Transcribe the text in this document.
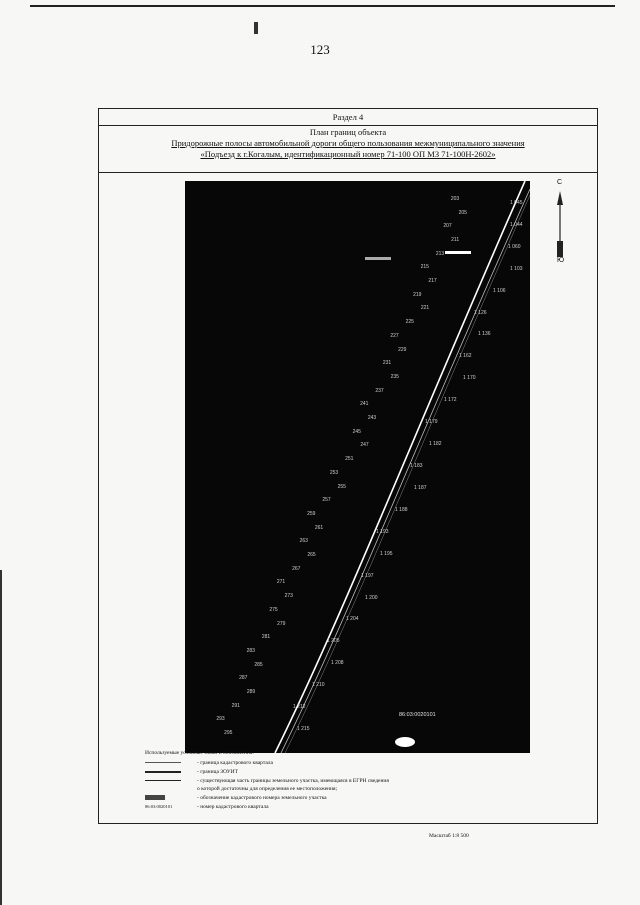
123
Раздел 4
План границ объекта
Придорожные полосы автомобильной дороги общего пользования межмуниципального значения
«Подъезд к г.Когалым, идентификационный номер 71-100 ОП МЗ 71-100Н-2602»
203
205
207
211
213
215
217
219
221
225
227
229
231
235
237
241
243
245
247
251
253
255
257
259
261
263
265
267
271
273
275
279
281
283
285
287
289
291
293
295
1 045
1 044
1 060
1 103
1 106
1 126
1 136
1 162
1 170
1 172
1 179
1 182
1 183
1 187
1 188
1 193
1 195
1 197
1 200
1 204
1 205
1 208
1 210
1 212
1 215
86:03:0020101
С
Ю
Используемые условные знаки и обозначения:
- граница кадастрового квартала
- граница ЗОУИТ
- существующая часть границы земельного участка, имеющаяся в ЕГРН сведения
о которой достаточны для определения ее местоположения;
- обозначение кадастрового номера земельного участка
86:03:0020101	- номер кадастрового квартала
Масштаб 1:8 500
